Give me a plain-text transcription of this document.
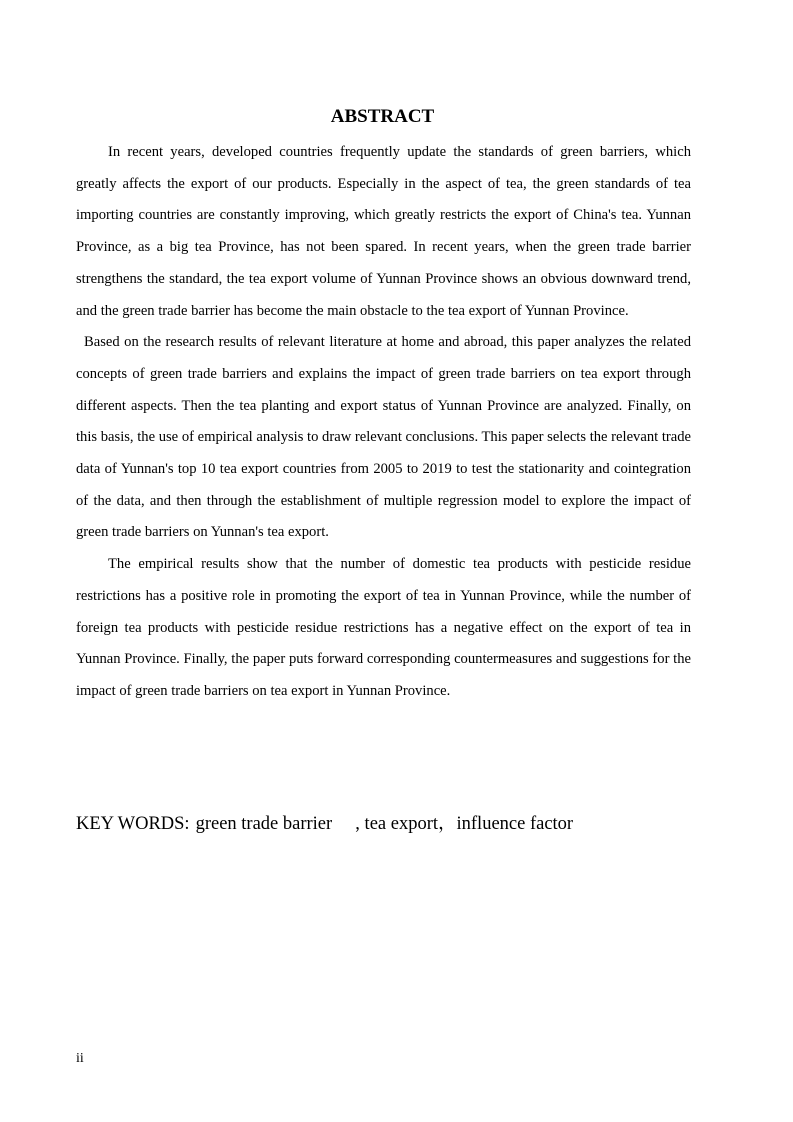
ABSTRACT

In recent years, developed countries frequently update the standards of green barriers, which greatly affects the export of our products. Especially in the aspect of tea, the green standards of tea importing countries are constantly improving, which greatly restricts the export of China's tea. Yunnan Province, as a big tea Province, has not been spared. In recent years, when the green trade barrier strengthens the standard, the tea export volume of Yunnan Province shows an obvious downward trend, and the green trade barrier has become the main obstacle to the tea export of Yunnan Province.

Based on the research results of relevant literature at home and abroad, this paper analyzes the related concepts of green trade barriers and explains the impact of green trade barriers on tea export through different aspects. Then the tea planting and export status of Yunnan Province are analyzed. Finally, on this basis, the use of empirical analysis to draw relevant conclusions. This paper selects the relevant trade data of Yunnan's top 10 tea export countries from 2005 to 2019 to test the stationarity and cointegration of the data, and then through the establishment of multiple regression model to explore the impact of green trade barriers on Yunnan's tea export.

The empirical results show that the number of domestic tea products with pesticide residue restrictions has a positive role in promoting the export of tea in Yunnan Province, while the number of foreign tea products with pesticide residue restrictions has a negative effect on the export of tea in Yunnan Province. Finally, the paper puts forward corresponding countermeasures and suggestions for the impact of green trade barriers on tea export in Yunnan Province.

KEY WORDS: green trade barrier 　, tea export，influence factor
ii
